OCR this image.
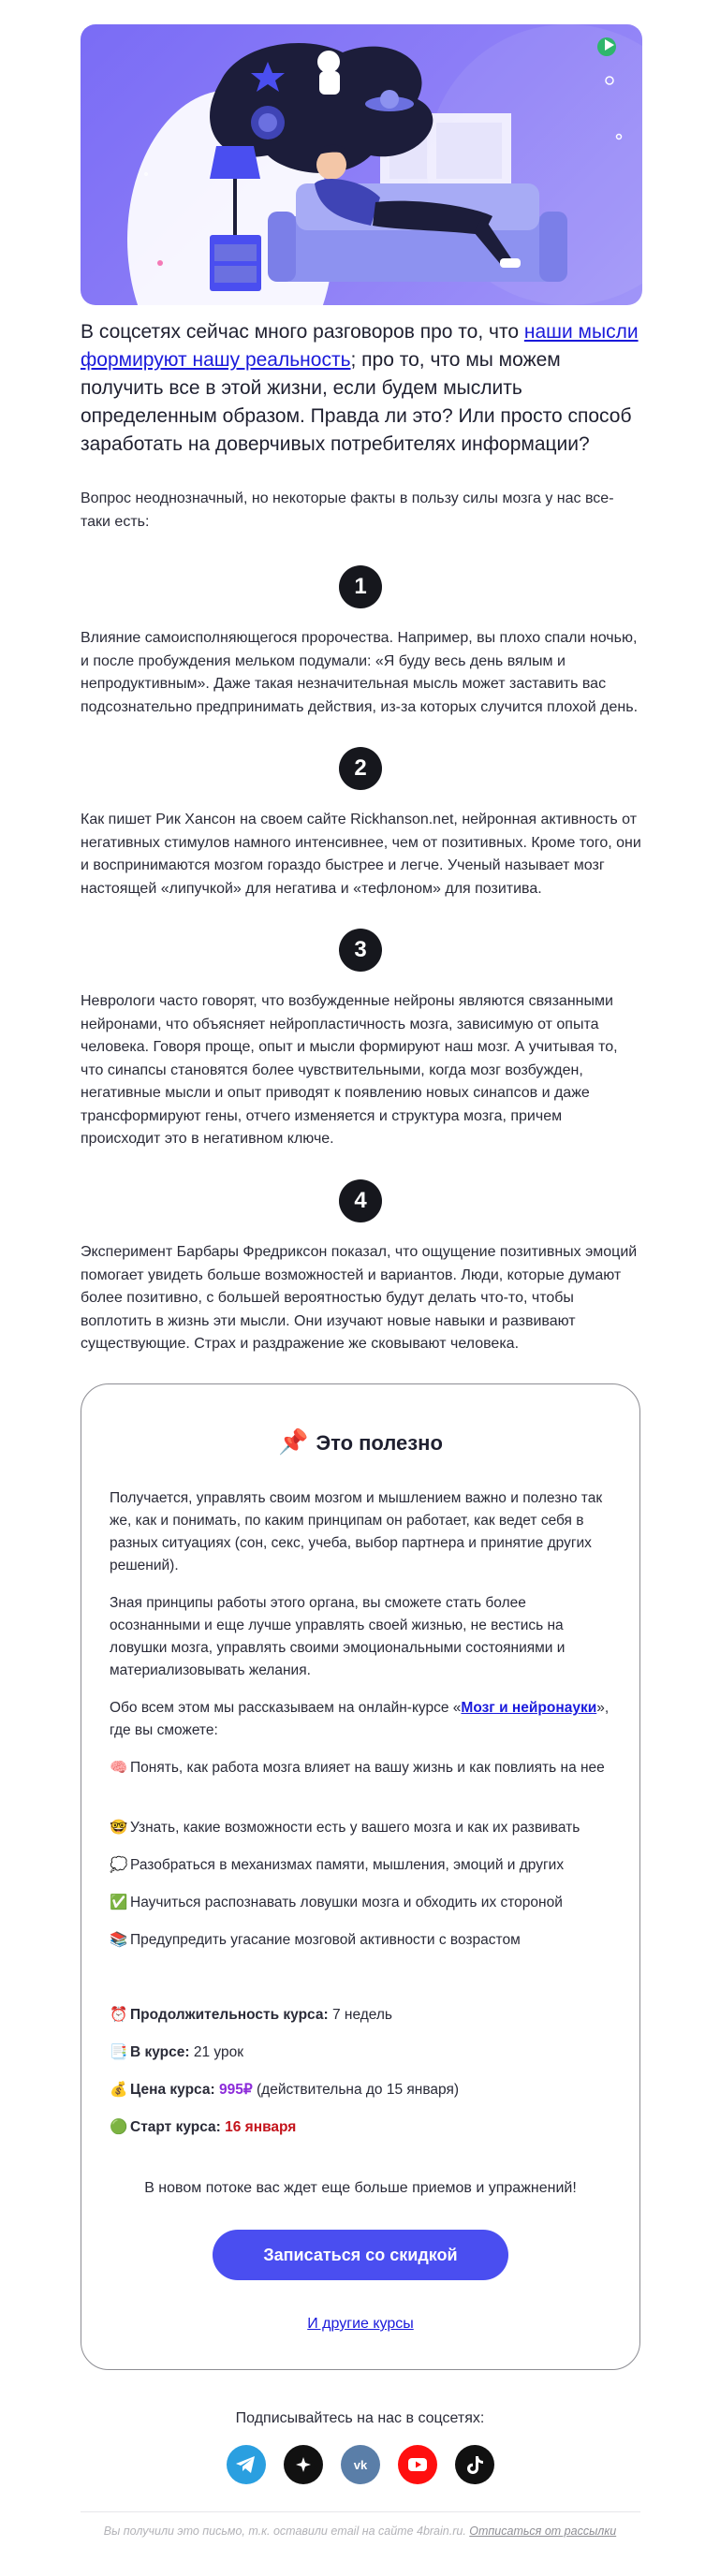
В соцсетях сейчас много разговоров про то, что наши мысли формируют нашу реальность; про то, что мы можем получить все в этой жизни, если будем мыслить определенным образом. Правда ли это? Или просто способ заработать на доверчивых потребителях информации?

Вопрос неоднозначный, но некоторые факты в пользу силы мозга у нас все-таки есть:

1

Влияние самоисполняющегося пророчества. Например, вы плохо спали ночью, и после пробуждения мельком подумали: «Я буду весь день вялым и непродуктивным». Даже такая незначительная мысль может заставить вас подсознательно предпринимать действия, из-за которых случится плохой день.

2

Как пишет Рик Хансон на своем сайте Rickhanson.net, нейронная активность от негативных стимулов намного интенсивнее, чем от позитивных. Кроме того, они и воспринимаются мозгом гораздо быстрее и легче. Ученый называет мозг настоящей «липучкой» для негатива и «тефлоном» для позитива.

3

Неврологи часто говорят, что возбужденные нейроны являются связанными нейронами, что объясняет нейропластичность мозга, зависимую от опыта человека. Говоря проще, опыт и мысли формируют наш мозг. А учитывая то, что синапсы становятся более чувствительными, когда мозг возбужден, негативные мысли и опыт приводят к появлению новых синапсов и даже трансформируют гены, отчего изменяется и структура мозга, причем происходит это в негативном ключе.

4

Эксперимент Барбары Фредриксон показал, что ощущение позитивных эмоций помогает увидеть больше возможностей и вариантов. Люди, которые думают более позитивно, с большей вероятностью будут делать что-то, чтобы воплотить в жизнь эти мысли. Они изучают новые навыки и развивают существующие. Страх и раздражение же сковывают человека.

📌 Это полезно

Получается, управлять своим мозгом и мышлением важно и полезно так же, как и понимать, по каким принципам он работает, как ведет себя в разных ситуациях (сон, секс, учеба, выбор партнера и принятие других решений).

Зная принципы работы этого органа, вы сможете стать более осознанными и еще лучше управлять своей жизнью, не вестись на ловушки мозга, управлять своими эмоциональными состояниями и материализовывать желания.

Обо всем этом мы рассказываем на онлайн-курсе «Мозг и нейронауки», где вы сможете:

🧠 Понять, как работа мозга влияет на вашу жизнь и как повлиять на нее

🤓 Узнать, какие возможности есть у вашего мозга и как их развивать

💭 Разобраться в механизмах памяти, мышления, эмоций и других

✅ Научиться распознавать ловушки мозга и обходить их стороной

📚 Предупредить угасание мозговой активности с возрастом

⏰ Продолжительность курса: 7 недель

📑 В курсе: 21 урок

💰 Цена курса: 995₽ (действительна до 15 января)

🟢 Старт курса: 16 января

В новом потоке вас ждет еще больше приемов и упражнений!
Записаться со скидкой
И другие курсы
Подписывайтесь на нас в соцсетях:
vk
Вы получили это письмо, т.к. оставили email на сайте 4brain.ru. Отписаться от рассылки
